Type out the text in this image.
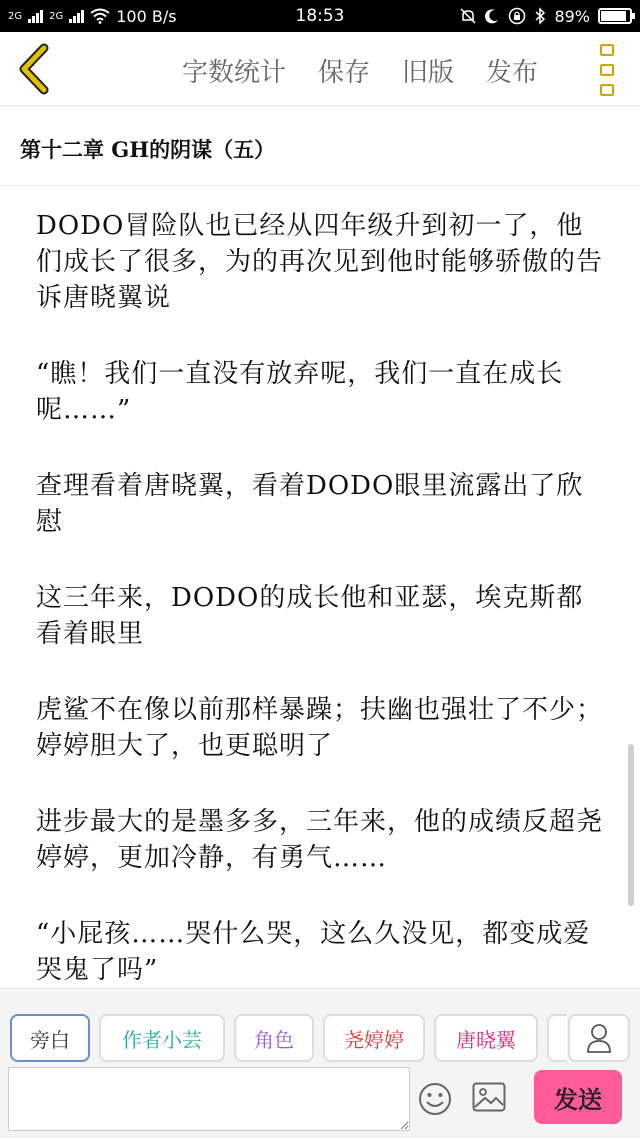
2G	2G	100 B/s	18:53	89%
字数统计 保存 旧版 发布
第十二章 GH的阴谋（五）

DODO冒险队也已经从四年级升到初一了，他们成长了很多，为的再次见到他时能够骄傲的告诉唐晓翼说

“瞧！我们一直没有放弃呢，我们一直在成长呢……”

查理看着唐晓翼，看着DODO眼里流露出了欣慰

这三年来，DODO的成长他和亚瑟，埃克斯都看着眼里

虎鲨不在像以前那样暴躁；扶幽也强壮了不少；婷婷胆大了，也更聪明了

进步最大的是墨多多，三年来，他的成绩反超尧婷婷，更加冷静，有勇气……

“小屁孩……哭什么哭，这么久没见，都变成爱哭鬼了吗”

旁白	作者小芸	角色	尧婷婷	唐晓翼
发送
